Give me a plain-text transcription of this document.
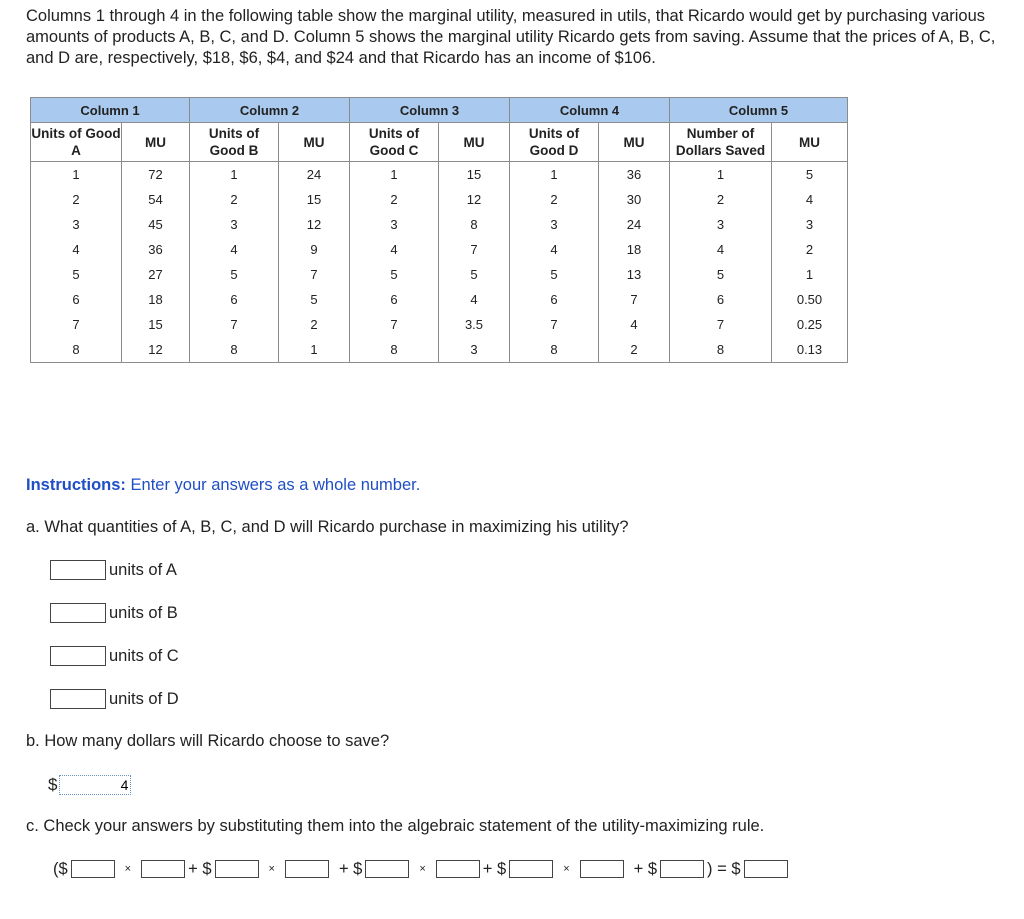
Columns 1 through 4 in the following table show the marginal utility, measured in utils, that Ricardo would get by purchasing various amounts of products A, B, C, and D. Column 5 shows the marginal utility Ricardo gets from saving. Assume that the prices of A, B, C, and D are, respectively, $18, $6, $4, and $24 and that Ricardo has an income of $106.

Column 1		Column 2		Column 3		Column 4		Column 5	
Units of Good A	MU	Units of Good B	MU	Units of Good C	MU	Units of Good D	MU	Number of Dollars Saved	MU
1	72	1	24	1	15	1	36	1	5
2	54	2	15	2	12	2	30	2	4
3	45	3	12	3	8	3	24	3	3
4	36	4	9	4	7	4	18	4	2
5	27	5	7	5	5	5	13	5	1
6	18	6	5	6	4	6	7	6	0.50
7	15	7	2	7	3.5	7	4	7	0.25
8	12	8	1	8	3	8	2	8	0.13
Instructions: Enter your answers as a whole number.
a. What quantities of A, B, C, and D will Ricardo purchase in maximizing his utility?
units of A
units of B
units of C
units of D
b. How many dollars will Ricardo choose to save?
$
4
c. Check your answers by substituting them into the algebraic statement of the utility-maximizing rule.
($	×	+ $	×	+ $	×	+ $	×	+ $	) = $
